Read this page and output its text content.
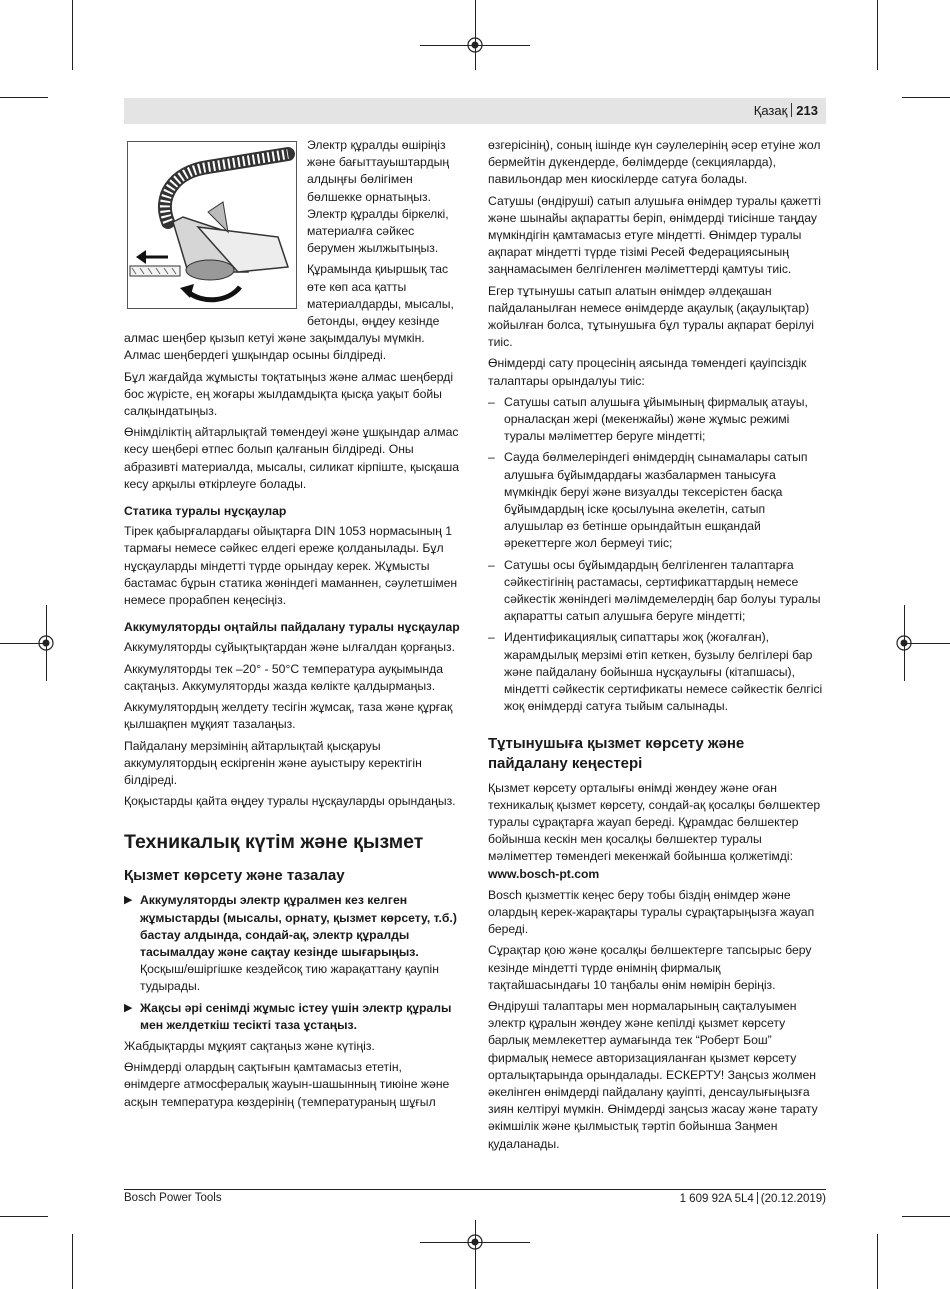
Қазақ 213

Электр құралды өшіріңіз және бағыттауыштардың алдыңғы бөлігімен бөлшекке орнатыңыз. Электр құралды біркелкі, материалға сәйкес берумен жылжытыңыз.

Құрамында қиыршық тас өте көп аса қатты материалдарды, мысалы, бетонды, өңдеу кезінде алмас шеңбер қызып кетуі және зақымдалуы мүмкін. Алмас шеңбердегі ұшқындар осыны білдіреді.

Бұл жағдайда жұмысты тоқтатыңыз және алмас шеңберді бос жүрісте, ең жоғары жылдамдықта қысқа уақыт бойы салқындатыңыз.

Өнімділіктің айтарлықтай төмендеуі және ұшқындар алмас кесу шеңбері өтпес болып қалғанын білдіреді. Оны абразивті материалда, мысалы, силикат кірпіште, қысқаша кесу арқылы өткірлеуге болады.

Статика туралы нұсқаулар

Тірек қабырғалардағы ойықтарға DIN 1053 нормасының 1 тармағы немесе сәйкес елдегі ереже қолданылады. Бұл нұсқауларды міндетті түрде орындау керек. Жұмысты бастамас бұрын статика жөніндегі маманнен, сәулетшімен немесе прорабпен кеңесіңіз.

Аккумуляторды оңтайлы пайдалану туралы нұсқаулар

Аккумуляторды сұйықтықтардан және ылғалдан қорғаңыз.

Аккумуляторды тек –20° - 50°C температура ауқымында сақтаңыз. Аккумуляторды жазда көлікте қалдырмаңыз.

Аккумулятордың желдету тесігін жұмсақ, таза және құрғақ қылшақпен мұқият тазалаңыз.

Пайдалану мерзімінің айтарлықтай қысқаруы аккумулятордың ескіргенін және ауыстыру керектігін білдіреді.

Қоқыстарды қайта өңдеу туралы нұсқауларды орындаңыз.

Техникалық күтім және қызмет
Қызмет көрсету және тазалау
▶ Аккумуляторды электр құралмен кез келген жұмыстарды (мысалы, орнату, қызмет көрсету, т.б.) бастау алдында, сондай-ақ, электр құралды тасымалдау және сақтау кезінде шығарыңыз. Қосқыш/өшіргішке кездейсоқ тию жарақаттану қаупін тудырады.
▶ Жақсы әрі сенімді жұмыс істеу үшін электр құралы мен желдеткіш тесікті таза ұстаңыз.

Жабдықтарды мұқият сақтаңыз және күтіңіз.

Өнімдерді олардың сақтығын қамтамасыз ететін, өнімдерге атмосфералық жауын-шашынның тиюіне және асқын температура көздерінің (температураның шұғыл

өзгерісінің), соның ішінде күн сәулелерінің әсер етуіне жол бермейтін дүкендерде, бөлімдерде (секцияларда), павильондар мен киоскілерде сатуға болады.

Сатушы (өндіруші) сатып алушыға өнімдер туралы қажетті және шынайы ақпаратты беріп, өнімдерді тиісінше таңдау мүмкіндігін қамтамасыз етуге міндетті. Өнімдер туралы ақпарат міндетті түрде тізімі Ресей Федерациясының заңнамасымен белгіленген мәліметтерді қамтуы тиіс.

Егер тұтынушы сатып алатын өнімдер әлдеқашан пайдаланылған немесе өнімдерде ақаулық (ақаулықтар) жойылған болса, тұтынушыға бұл туралы ақпарат берілуі тиіс.

Өнімдерді сату процесінің аясында төмендегі қауіпсіздік талаптары орындалуы тиіс:

– Сатушы сатып алушыға ұйымының фирмалық атауы, орналасқан жері (мекенжайы) және жұмыс режимі туралы мәліметтер беруге міндетті;
– Сауда бөлмелеріндегі өнімдердің сынамалары сатып алушыға бұйымдардағы жазбалармен танысуға мүмкіндік беруі және визуалды тексерістен басқа бұйымдардың іске қосылуына әкелетін, сатып алушылар өз бетінше орындайтын ешқандай әрекеттерге жол бермеуі тиіс;
– Сатушы осы бұйымдардың белгіленген талаптарға сәйкестігінің растамасы, сертификаттардың немесе сәйкестік жөніндегі мәлімдемелердің бар болуы туралы ақпаратты сатып алушыға беруге міндетті;
– Идентификациялық сипаттары жоқ (жоғалған), жарамдылық мерзімі өтіп кеткен, бузылу белгілері бар және пайдалану бойынша нұсқаулығы (кітапшасы), міндетті сәйкестік сертификаты немесе сәйкестік белгісі жоқ өнімдерді сатуға тыйым салынады.
Тұтынушыға қызмет көрсету және пайдалану кеңестері

Қызмет көрсету орталығы өнімді жөндеу және оған техникалық қызмет көрсету, сондай-ақ қосалқы бөлшектер туралы сұрақтарға жауап береді. Құрамдас бөлшектер бойынша кескін мен қосалқы бөлшектер туралы мәліметтер төмендегі мекенжай бойынша қолжетімді: www.bosch-pt.com

Bosch қызметтік кеңес беру тобы біздің өнімдер және олардың керек-жарақтары туралы сұрақтарыңызға жауап береді.

Сұрақтар қою және қосалқы бөлшектерге тапсырыс беру кезінде міндетті түрде өнімнің фирмалық тақтайшасындағы 10 таңбалы өнім нөмірін беріңіз.

Өндіруші талаптары мен нормаларының сақталуымен электр құралын жөндеу және кепілді қызмет көрсету барлық мемлекеттер аумағында тек “Роберт Бош” фирмалық немесе авторизацияланған қызмет көрсету орталықтарында орындалады. ЕСКЕРТУ! Заңсыз жолмен әкелінген өнімдерді пайдалану қауіпті, денсаулығыңызға зиян келтіруі мүмкін. Өнімдерді заңсыз жасау және тарату әкімшілік және қылмыстық тәртіп бойынша Заңмен қудаланады.

Bosch Power Tools	1 609 92A 5L4 (20.12.2019)
